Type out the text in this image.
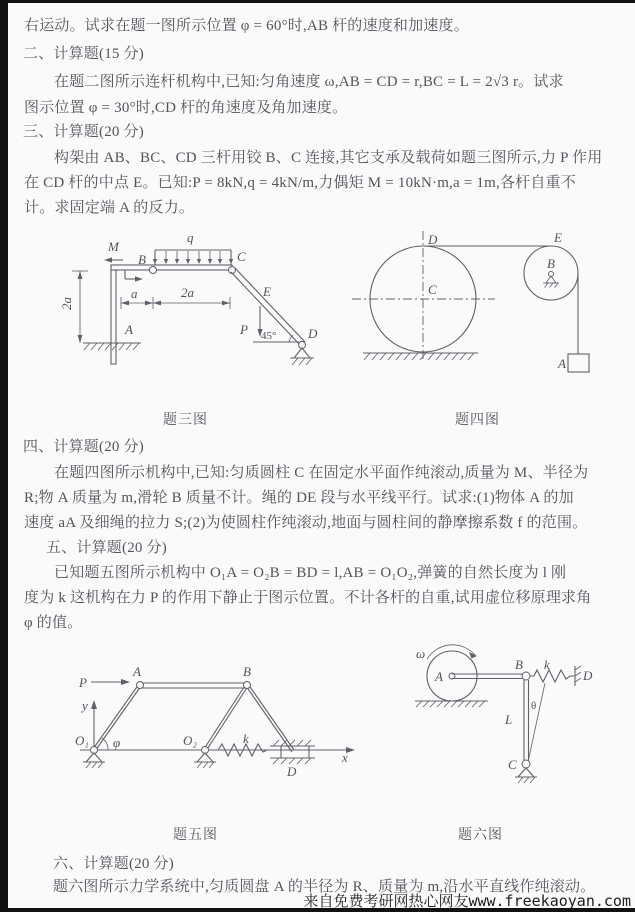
右运动。试求在题一图所示位置 φ = 60°时,AB 杆的速度和加速度。
二、计算题(15 分)
在题二图所示连杆机构中,已知:匀角速度 ω,AB = CD = r,BC = L = 2√3 r。试求
图示位置 φ = 30°时,CD 杆的角速度及角加速度。
三、计算题(20 分)
构架由 AB、BC、CD 三杆用铰 B、C 连接,其它支承及载荷如题三图所示,力 P 作用
在 CD 杆的中点 E。已知:P = 8kN,q = 4kN/m,力偶矩 M = 10kN·m,a = 1m,各杆自重不
计。求固定端 A 的反力。
四、计算题(20 分)
在题四图所示机构中,已知:匀质圆柱 C 在固定水平面作纯滚动,质量为 M、半径为
R;物 A 质量为 m,滑轮 B 质量不计。绳的 DE 段与水平线平行。试求:(1)物体 A 的加
速度 aA 及细绳的拉力 S;(2)为使圆柱作纯滚动,地面与圆柱间的静摩擦系数 f 的范围。
五、计算题(20 分)
已知题五图所示机构中 O₁A = O₂B = BD = l,AB = O₁O₂,弹簧的自然长度为 l 刚
度为 k 这机构在力 P 的作用下静止于图示位置。不计各杆的自重,试用虚位移原理求角
φ 的值。
六、计算题(20 分)
题六图所示力学系统中,匀质圆盘 A 的半径为 R、质量为 m,沿水平直线作纯滚动。
M
q
B	C
E
P 45° D
a	2a
2a
A
题三图
D
C
E
B
A
题四图
x
y
P
A	B
O₁ φ	O₂	k
D
题五图
ω
A
B k
D
θ
L
C
题六图
来自免费考研网热心网友www.freekaoyan.com
